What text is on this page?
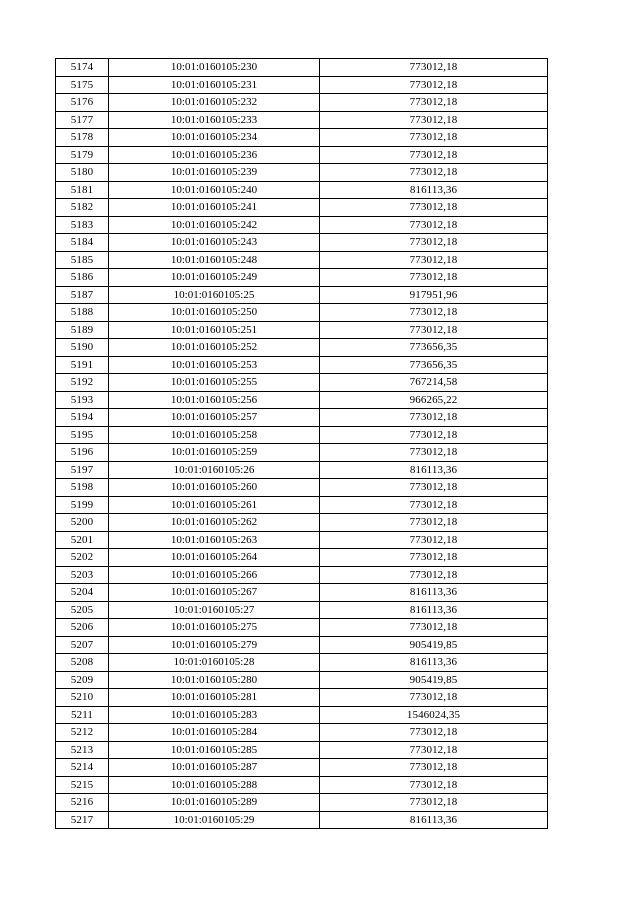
5174	10:01:0160105:230	773012,18
5175	10:01:0160105:231	773012,18
5176	10:01:0160105:232	773012,18
5177	10:01:0160105:233	773012,18
5178	10:01:0160105:234	773012,18
5179	10:01:0160105:236	773012,18
5180	10:01:0160105:239	773012,18
5181	10:01:0160105:240	816113,36
5182	10:01:0160105:241	773012,18
5183	10:01:0160105:242	773012,18
5184	10:01:0160105:243	773012,18
5185	10:01:0160105:248	773012,18
5186	10:01:0160105:249	773012,18
5187	10:01:0160105:25	917951,96
5188	10:01:0160105:250	773012,18
5189	10:01:0160105:251	773012,18
5190	10:01:0160105:252	773656,35
5191	10:01:0160105:253	773656,35
5192	10:01:0160105:255	767214,58
5193	10:01:0160105:256	966265,22
5194	10:01:0160105:257	773012,18
5195	10:01:0160105:258	773012,18
5196	10:01:0160105:259	773012,18
5197	10:01:0160105:26	816113,36
5198	10:01:0160105:260	773012,18
5199	10:01:0160105:261	773012,18
5200	10:01:0160105:262	773012,18
5201	10:01:0160105:263	773012,18
5202	10:01:0160105:264	773012,18
5203	10:01:0160105:266	773012,18
5204	10:01:0160105:267	816113,36
5205	10:01:0160105:27	816113,36
5206	10:01:0160105:275	773012,18
5207	10:01:0160105:279	905419,85
5208	10:01:0160105:28	816113,36
5209	10:01:0160105:280	905419,85
5210	10:01:0160105:281	773012,18
5211	10:01:0160105:283	1546024,35
5212	10:01:0160105:284	773012,18
5213	10:01:0160105:285	773012,18
5214	10:01:0160105:287	773012,18
5215	10:01:0160105:288	773012,18
5216	10:01:0160105:289	773012,18
5217	10:01:0160105:29	816113,36
